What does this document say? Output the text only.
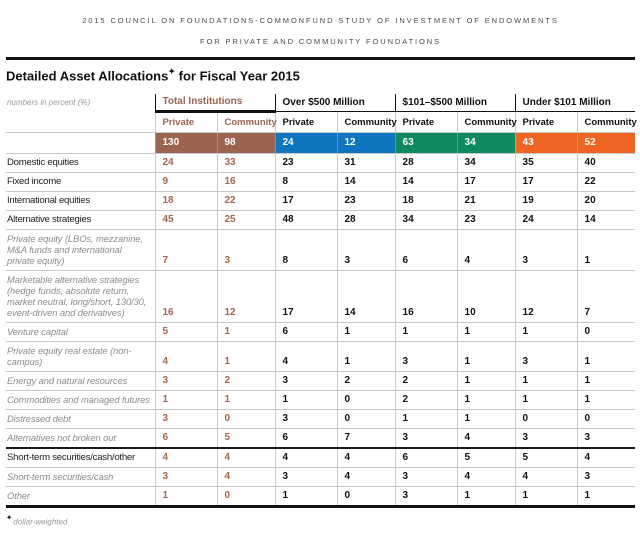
2015 COUNCIL ON FOUNDATIONS-COMMONFUND STUDY OF INVESTMENT OF ENDOWMENTS
FOR PRIVATE AND COMMUNITY FOUNDATIONS
Detailed Asset Allocations✦ for Fiscal Year 2015
numbers in percent (%)	Total Institutions		Over $500 Million		$101–$500 Million		Under $101 Million	
	Private	Community	Private	Community	Private	Community	Private	Community
	130	98	24	12	63	34	43	52
Domestic equities	24	33	23	31	28	34	35	40
Fixed income	9	16	8	14	14	17	17	22
International equities	18	22	17	23	18	21	19	20
Alternative strategies	45	25	48	28	34	23	24	14
Private equity (LBOs, mezzanine, M&A funds and international private equity)	7	3	8	3	6	4	3	1
Marketable alternative strategies (hedge funds, absolute return, market neutral, long/short, 130/30, event-driven and derivatives)	16	12	17	14	16	10	12	7
Venture capital	5	1	6	1	1	1	1	0
Private equity real estate (non-campus)	4	1	4	1	3	1	3	1
Energy and natural resources	3	2	3	2	2	1	1	1
Commodities and managed futures	1	1	1	0	2	1	1	1
Distressed debt	3	0	3	0	1	1	0	0
Alternatives not broken out	6	5	6	7	3	4	3	3
Short-term securities/cash/other	4	4	4	4	6	5	5	4
Short-term securities/cash	3	4	3	4	3	4	4	3
Other	1	0	1	0	3	1	1	1
✦dollar-weighted
